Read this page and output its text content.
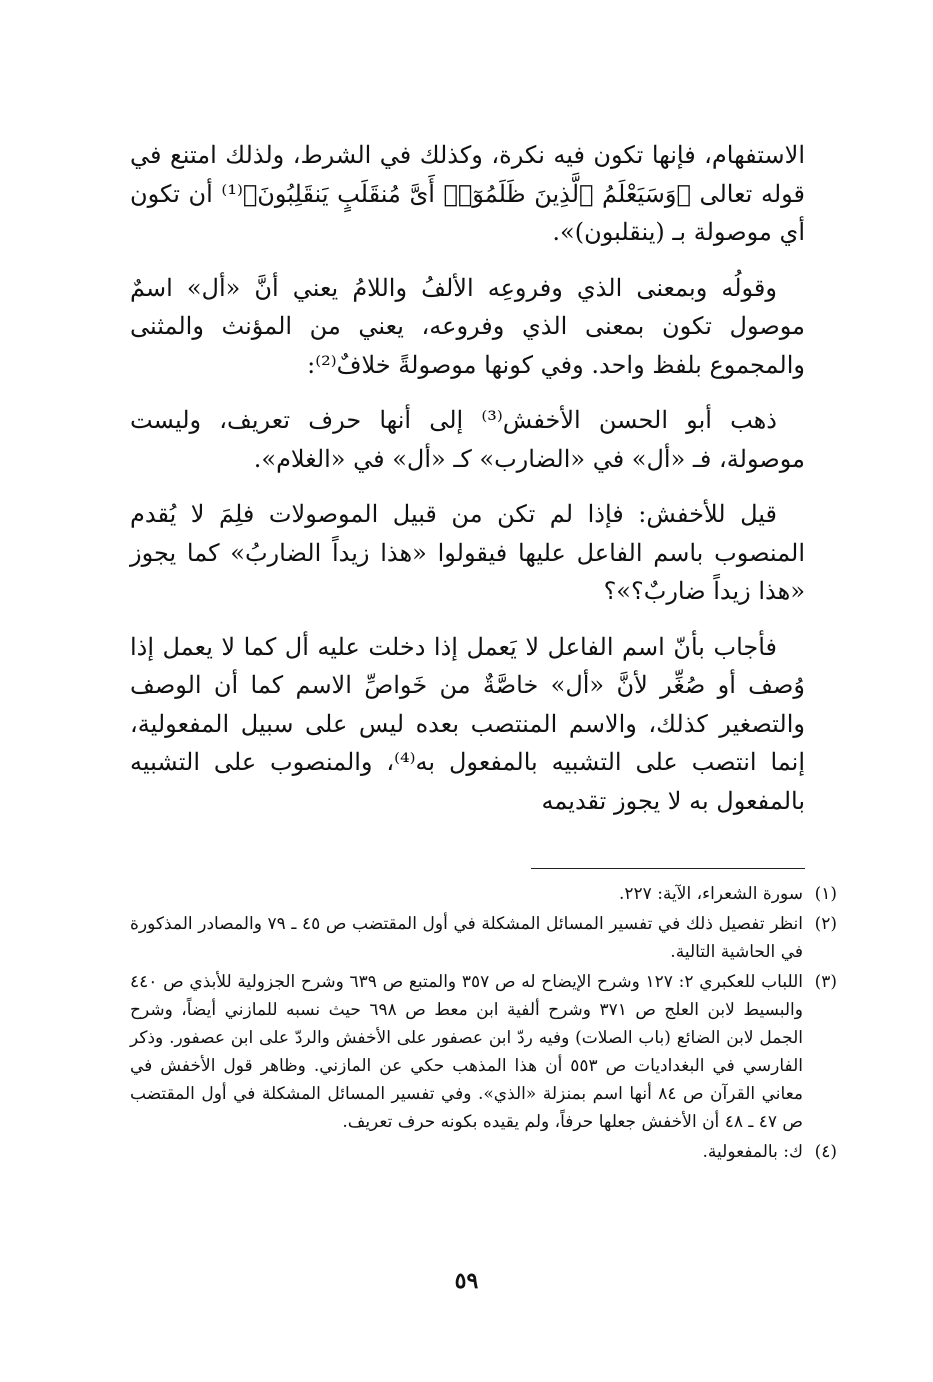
الاستفهام، فإنها تكون فيه نكرة، وكذلك في الشرط، ولذلك امتنع في قوله تعالى ﴿وَسَيَعْلَمُ ٱلَّذِينَ ظَلَمُوٓا۟ أَىَّ مُنقَلَبٍ يَنقَلِبُونَ﴾⁽¹⁾ أن تكون أي موصولة بـ (ينقلبون)».

وقولُه وبمعنى الذي وفروعِه الألفُ واللامُ يعني أنَّ «أل» اسمٌ موصول تكون بمعنى الذي وفروعه، يعني من المؤنث والمثنى والمجموع بلفظ واحد. وفي كونها موصولةً خلافٌ⁽²⁾:

ذهب أبو الحسن الأخفش⁽³⁾ إلى أنها حرف تعريف، وليست موصولة، فـ «أل» في «الضارب» كـ «أل» في «الغلام».

قيل للأخفش: فإذا لم تكن من قبيل الموصولات فلِمَ لا يُقدم المنصوب باسم الفاعل عليها فيقولوا «هذا زيداً الضاربُ» كما يجوز «هذا زيداً ضاربٌ؟»؟

فأجاب بأنّ اسم الفاعل لا يَعمل إذا دخلت عليه أل كما لا يعمل إذا وُصف أو صُغِّر لأنَّ «أل» خاصَّةٌ من خَواصِّ الاسم كما أن الوصف والتصغير كذلك، والاسم المنتصب بعده ليس على سبيل المفعولية، إنما انتصب على التشبيه بالمفعول به⁽⁴⁾، والمنصوب على التشبيه بالمفعول به لا يجوز تقديمه

(١)
سورة الشعراء، الآية: ٢٢٧.
(٢)
انظر تفصيل ذلك في تفسير المسائل المشكلة في أول المقتضب ص ٤٥ ـ ٧٩ والمصادر المذكورة في الحاشية التالية.
(٣)
اللباب للعكبري ٢: ١٢٧ وشرح الإيضاح له ص ٣٥٧ والمتبع ص ٦٣٩ وشرح الجزولية للأبذي ص ٤٤٠ والبسيط لابن العلج ص ٣٧١ وشرح ألفية ابن معط ص ٦٩٨ حيث نسبه للمازني أيضاً، وشرح الجمل لابن الضائع (باب الصلات) وفيه ردّ ابن عصفور على الأخفش والردّ على ابن عصفور. وذكر الفارسي في البغداديات ص ٥٥٣ أن هذا المذهب حكي عن المازني. وظاهر قول الأخفش في معاني القرآن ص ٨٤ أنها اسم بمنزلة «الذي». وفي تفسير المسائل المشكلة في أول المقتضب ص ٤٧ ـ ٤٨ أن الأخفش جعلها حرفاً، ولم يقيده بكونه حرف تعريف.
(٤)
ك: بالمفعولية.
٥٩
